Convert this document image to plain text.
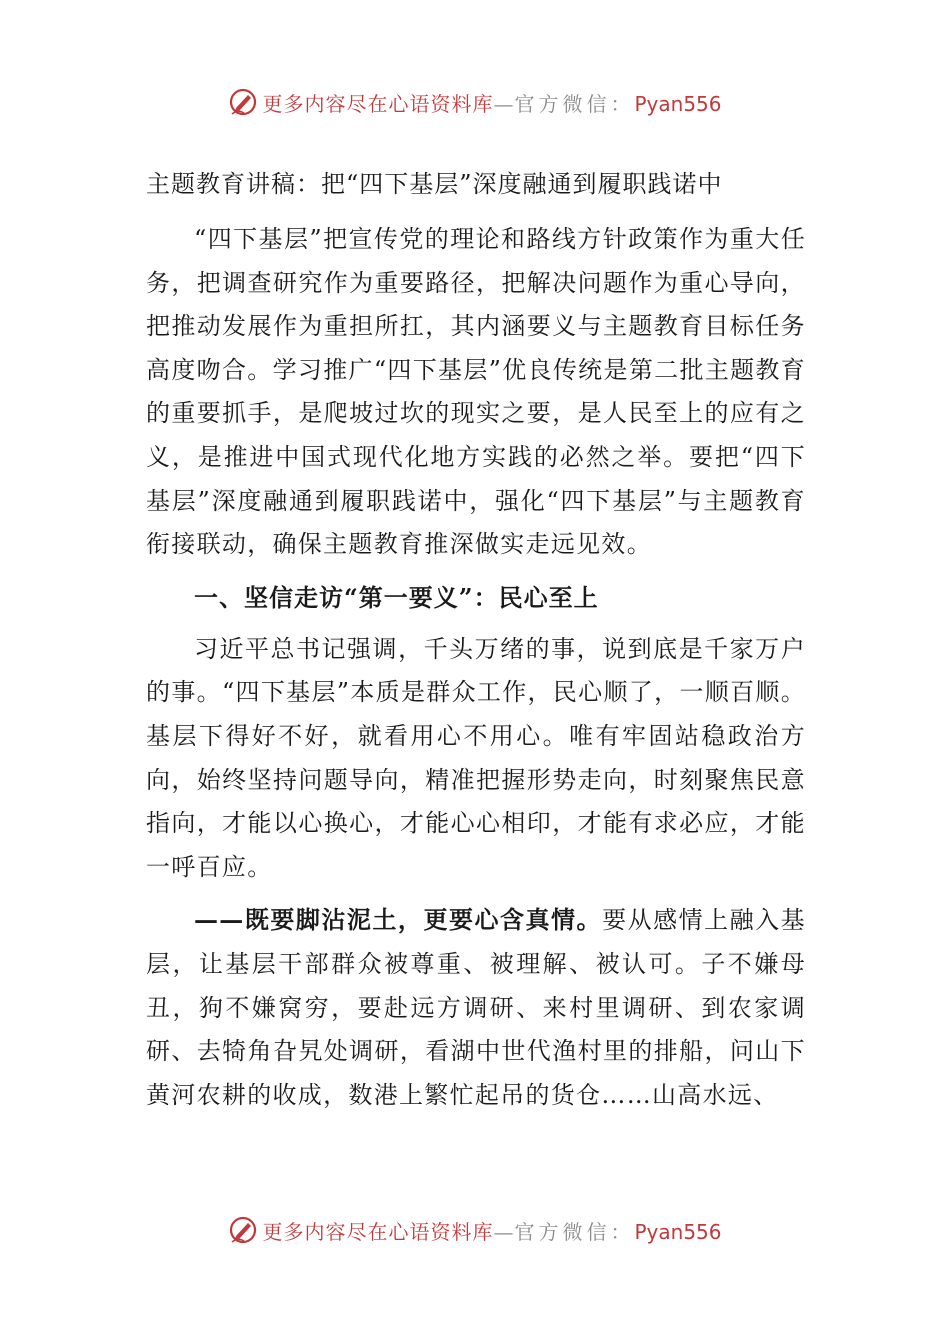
更多内容尽在心语资料库—官方微信：Pyan556
主题教育讲稿：把“四下基层”深度融通到履职践诺中

“四下基层”把宣传党的理论和路线方针政策作为重大任务，把调查研究作为重要路径，把解决问题作为重心导向，把推动发展作为重担所扛，其内涵要义与主题教育目标任务高度吻合。学习推广“四下基层”优良传统是第二批主题教育的重要抓手，是爬坡过坎的现实之要，是人民至上的应有之义，是推进中国式现代化地方实践的必然之举。要把“四下基层”深度融通到履职践诺中，强化“四下基层”与主题教育衔接联动，确保主题教育推深做实走远见效。

一、坚信走访“第一要义”：民心至上

习近平总书记强调，千头万绪的事，说到底是千家万户的事。“四下基层”本质是群众工作，民心顺了，一顺百顺。基层下得好不好，就看用心不用心。唯有牢固站稳政治方向，始终坚持问题导向，精准把握形势走向，时刻聚焦民意指向，才能以心换心，才能心心相印，才能有求必应，才能一呼百应。

——既要脚沾泥土，更要心含真情。要从感情上融入基层，让基层干部群众被尊重、被理解、被认可。子不嫌母丑，狗不嫌窝穷，要赴远方调研、来村里调研、到农家调研、去犄角旮旯处调研，看湖中世代渔村里的排船，问山下黄河农耕的收成，数港上繁忙起吊的货仓……山高水远、

更多内容尽在心语资料库—官方微信：Pyan556
